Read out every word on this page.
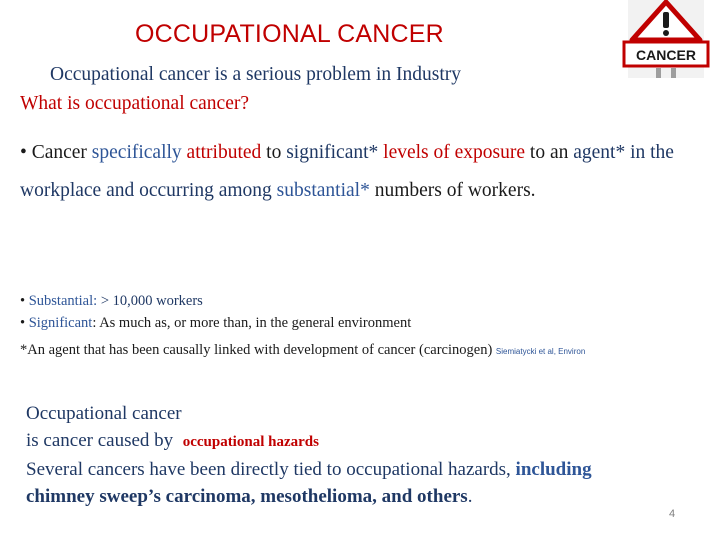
OCCUPATIONAL CANCER
CANCER
Occupational cancer is a serious problem in Industry
What is occupational cancer?
• Cancer specifically attributed to significant* levels of exposure to an agent* in the workplace and occurring among substantial* numbers of workers.
• Substantial: > 10,000 workers
• Significant: As much as, or more than, in the general environment
*An agent that has been causally linked with development of cancer (carcinogen) Siemiatycki et al, Environ
Occupational cancer
is cancer caused by occupational hazards
Several cancers have been directly tied to occupational hazards, including
chimney sweep’s carcinoma, mesothelioma, and others.
4
